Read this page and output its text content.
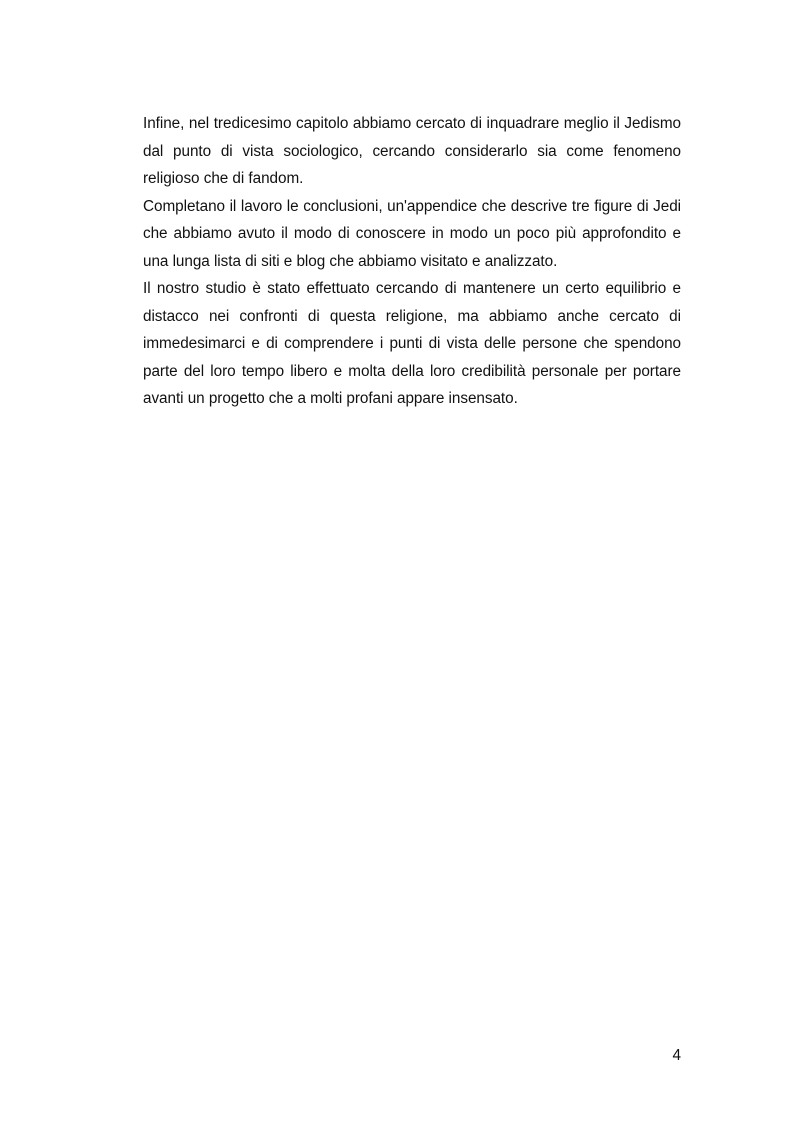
Infine, nel tredicesimo capitolo abbiamo cercato di inquadrare meglio il Jedismo dal punto di vista sociologico, cercando considerarlo sia come fenomeno religioso che di fandom.

Completano il lavoro le conclusioni, un'appendice che descrive tre figure di Jedi che abbiamo avuto il modo di conoscere in modo un poco più approfondito e una lunga lista di siti e blog che abbiamo visitato e analizzato.

Il nostro studio è stato effettuato cercando di mantenere un certo equilibrio e distacco nei confronti di questa religione, ma abbiamo anche cercato di immedesimarci e di comprendere i punti di vista delle persone che spendono parte del loro tempo libero e molta della loro credibilità personale per portare avanti un progetto che a molti profani appare insensato.

4
